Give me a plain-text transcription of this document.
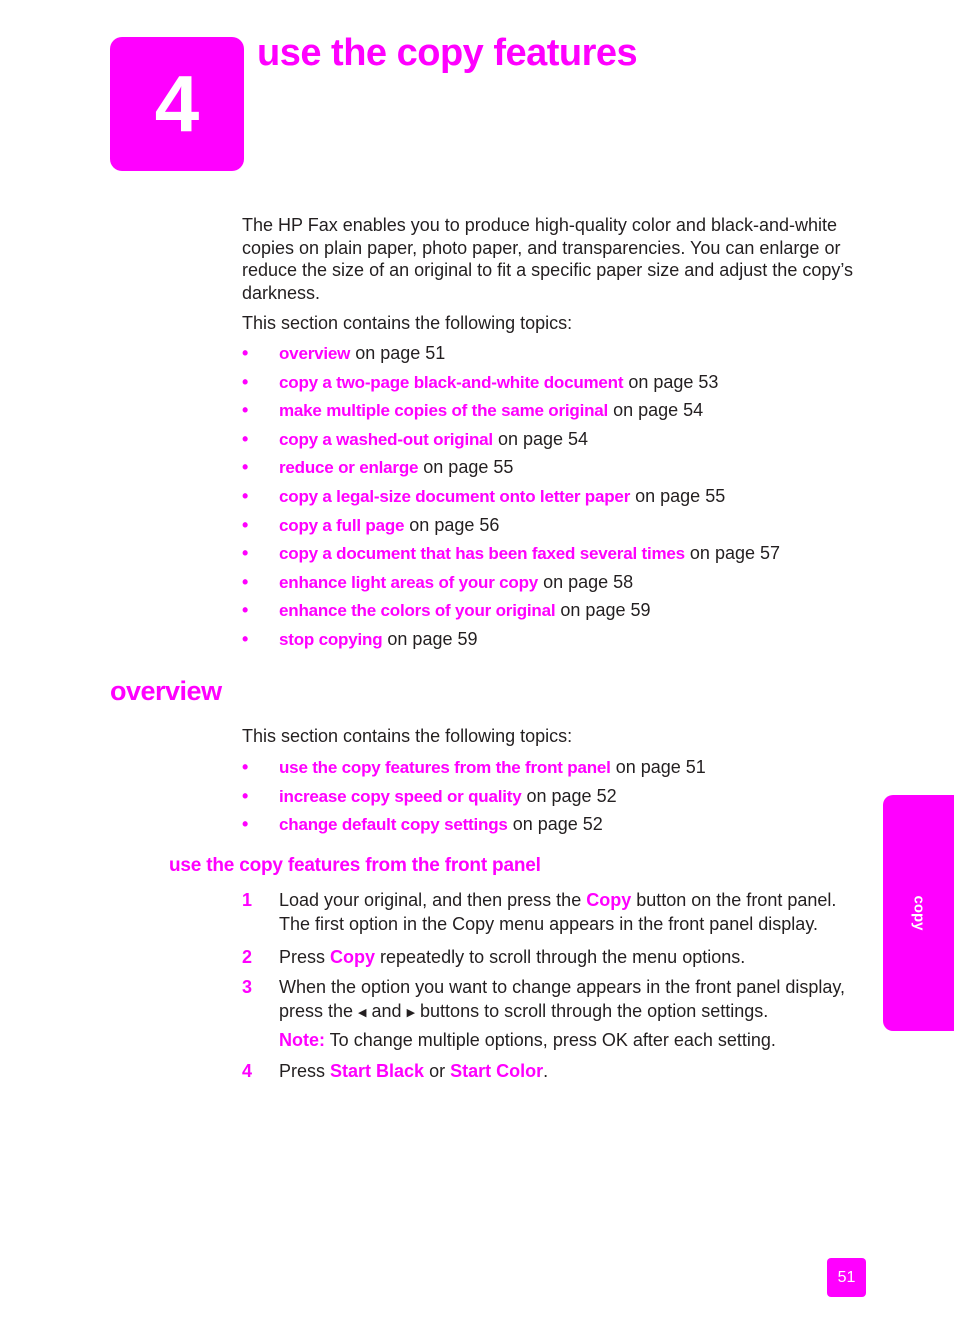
4
use the copy features

The HP Fax enables you to produce high-quality color and black-and-white copies on plain paper, photo paper, and transparencies. You can enlarge or reduce the size of an original to fit a specific paper size and adjust the copy’s darkness.

This section contains the following topics:

• overview on page 51
• copy a two-page black-and-white document on page 53
• make multiple copies of the same original on page 54
• copy a washed-out original on page 54
• reduce or enlarge on page 55
• copy a legal-size document onto letter paper on page 55
• copy a full page on page 56
• copy a document that has been faxed several times on page 57
• enhance light areas of your copy on page 58
• enhance the colors of your original on page 59
• stop copying on page 59
overview

This section contains the following topics:

• use the copy features from the front panel on page 51
• increase copy speed or quality on page 52
• change default copy settings on page 52
use the copy features from the front panel
1 Load your original, and then press the Copy button on the front panel. The first option in the Copy menu appears in the front panel display.
2 Press Copy repeatedly to scroll through the menu options.
3 When the option you want to change appears in the front panel display, press the ◀ and ▶ buttons to scroll through the option settings.
Note: To change multiple options, press OK after each setting.
4 Press Start Black or Start Color.
copy
51
